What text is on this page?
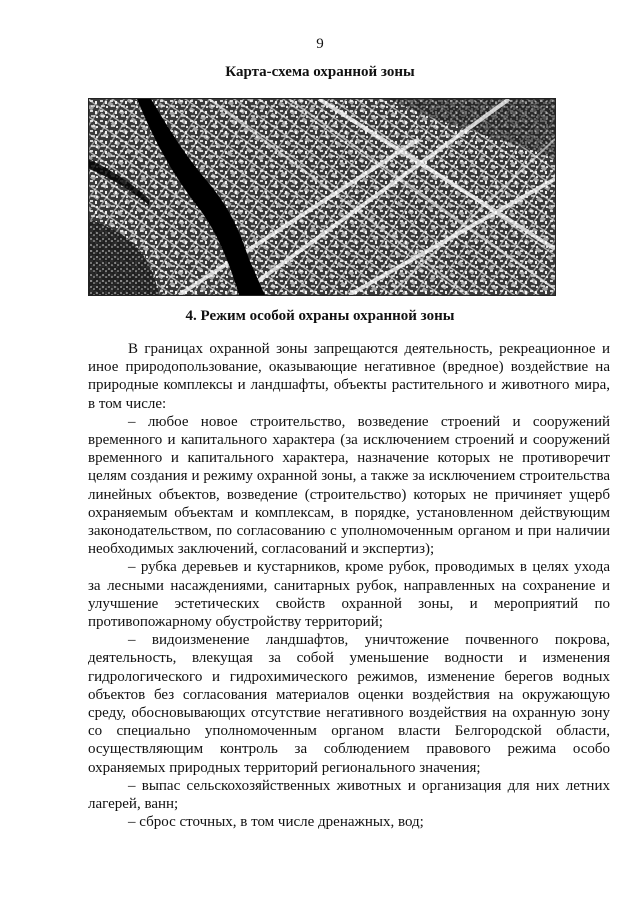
9
Карта-схема охранной зоны
4. Режим особой охраны охранной зоны

В границах охранной зоны запрещаются деятельность, рекреационное и иное природопользование, оказывающие негативное (вредное) воздействие на природные комплексы и ландшафты, объекты растительного и животного мира, в том числе:

– любое новое строительство, возведение строений и сооружений временного и капитального характера (за исключением строений и сооружений временного и капитального характера, назначение которых не противоречит целям создания и режиму охранной зоны, а также за исключением строительства линейных объектов, возведение (строительство) которых не причиняет ущерб охраняемым объектам и комплексам, в порядке, установленном действующим законодательством, по согласованию с уполномоченным органом и при наличии необходимых заключений, согласований и экспертиз);

– рубка деревьев и кустарников, кроме рубок, проводимых в целях ухода за лесными насаждениями, санитарных рубок, направленных на сохранение и улучшение эстетических свойств охранной зоны, и мероприятий по противопожарному обустройству территорий;

– видоизменение ландшафтов, уничтожение почвенного покрова, деятельность, влекущая за собой уменьшение водности и изменения гидрологического и гидрохимического режимов, изменение берегов водных объектов без согласования материалов оценки воздействия на окружающую среду, обосновывающих отсутствие негативного воздействия на охранную зону со специально уполномоченным органом власти Белгородской области, осуществляющим контроль за соблюдением правового режима особо охраняемых природных территорий регионального значения;

– выпас сельскохозяйственных животных и организация для них летних лагерей, ванн;

– сброс сточных, в том числе дренажных, вод;
